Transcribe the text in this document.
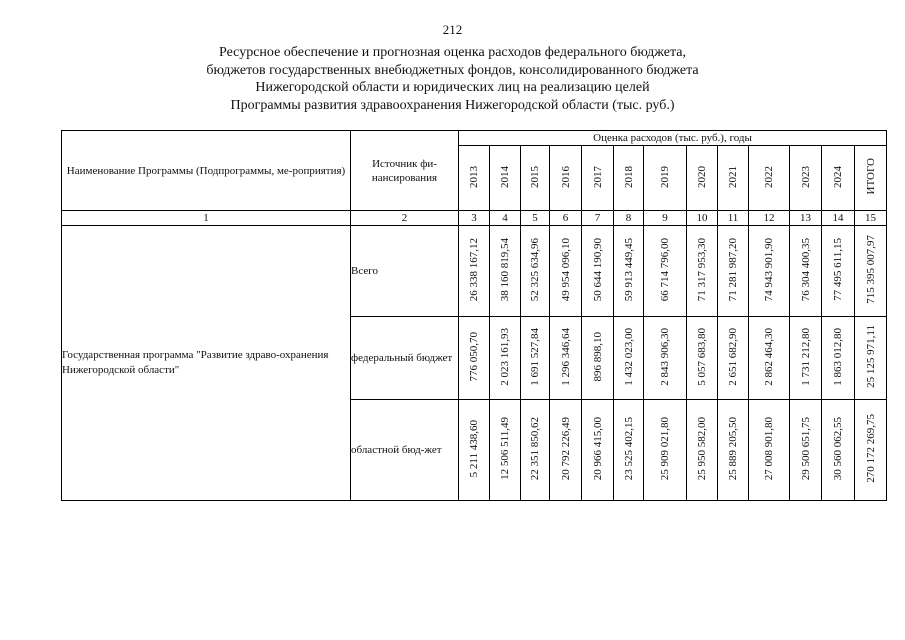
212
Ресурсное обеспечение и прогнозная оценка расходов федерального бюджета,
бюджетов государственных внебюджетных фондов, консолидированного бюджета
Нижегородской области и юридических лиц на реализацию целей
Программы развития здравоохранения Нижегородской области (тыс. руб.)
Наименование Программы (Подпрограммы, ме-роприятия)	Источник фи-нансирования	Оценка расходов (тыс. руб.), годы												
		2013	2014	2015	2016	2017	2018	2019	2020	2021	2022	2023	2024	ИТОГО
1	2	3	4	5	6	7	8	9	10	11	12	13	14	15
Государственная программа "Развитие здраво-охранения Нижегородской области"	Всего	26 338 167,12	38 160 819,54	52 325 634,96	49 954 096,10	50 644 190,90	59 913 449,45	66 714 796,00	71 317 953,30	71 281 987,20	74 943 901,90	76 304 400,35	77 495 611,15	715 395 007,97
	федеральный бюджет	776 050,70	2 023 161,93	1 691 527,84	1 296 346,64	896 898,10	1 432 023,00	2 843 906,30	5 057 683,80	2 651 682,90	2 862 464,30	1 731 212,80	1 863 012,80	25 125 971,11
	областной бюд-жет	5 211 438,60	12 506 511,49	22 351 850,62	20 792 226,49	20 966 415,00	23 525 402,15	25 909 021,80	25 950 582,00	25 889 205,50	27 008 901,80	29 500 651,75	30 560 062,55	270 172 269,75
